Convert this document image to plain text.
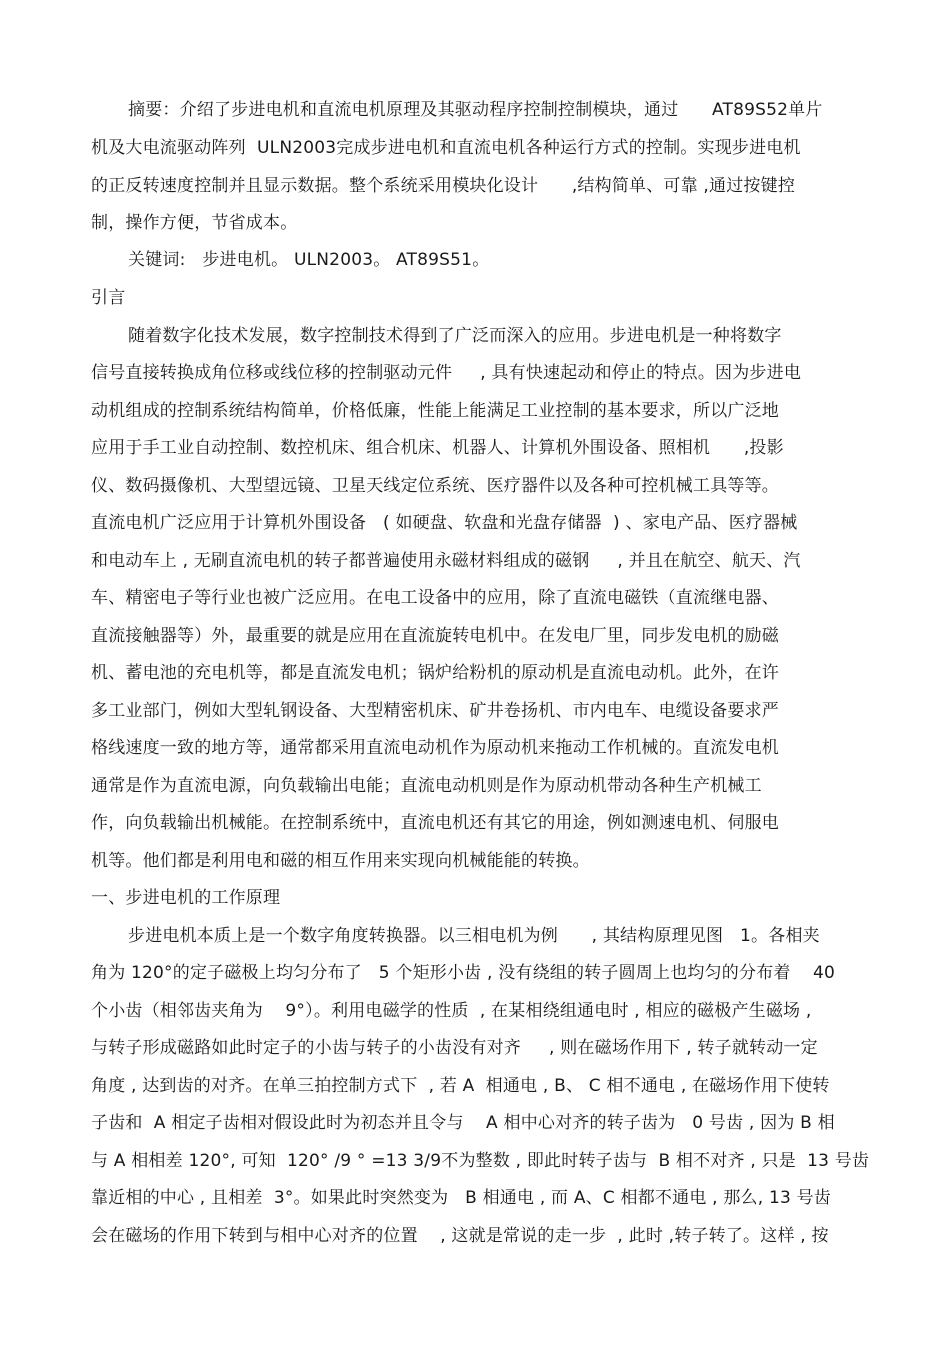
摘要：介绍了步进电机和直流电机原理及其驱动程序控制控制模块，通过      AT89S52单片
机及大电流驱动阵列  ULN2003完成步进电机和直流电机各种运行方式的控制。实现步进电机
的正反转速度控制并且显示数据。整个系统采用模块化设计      ,结构简单、可靠 ,通过按键控
制，操作方便，节省成本。
关键词:   步进电机。 ULN2003。 AT89S51。
引言
随着数字化技术发展，数字控制技术得到了广泛而深入的应用。步进电机是一种将数字
信号直接转换成角位移或线位移的控制驱动元件     , 具有快速起动和停止的特点。因为步进电
动机组成的控制系统结构简单，价格低廉，性能上能满足工业控制的基本要求，所以广泛地
应用于手工业自动控制、数控机床、组合机床、机器人、计算机外围设备、照相机      ,投影
仪、数码摄像机、大型望远镜、卫星天线定位系统、医疗器件以及各种可控机械工具等等。
直流电机广泛应用于计算机外围设备   ( 如硬盘、软盘和光盘存储器  ) 、家电产品、医疗器械
和电动车上 , 无刷直流电机的转子都普遍使用永磁材料组成的磁钢     , 并且在航空、航天、汽
车、精密电子等行业也被广泛应用。在电工设备中的应用，除了直流电磁铁（直流继电器、
直流接触器等）外，最重要的就是应用在直流旋转电机中。在发电厂里，同步发电机的励磁
机、蓄电池的充电机等，都是直流发电机；锅炉给粉机的原动机是直流电动机。此外，在许
多工业部门，例如大型轧钢设备、大型精密机床、矿井卷扬机、市内电车、电缆设备要求严
格线速度一致的地方等，通常都采用直流电动机作为原动机来拖动工作机械的。直流发电机
通常是作为直流电源，向负载输出电能；直流电动机则是作为原动机带动各种生产机械工
作，向负载输出机械能。在控制系统中，直流电机还有其它的用途，例如测速电机、伺服电
机等。他们都是利用电和磁的相互作用来实现向机械能能的转换。
一、步进电机的工作原理
步进电机本质上是一个数字角度转换器。以三相电机为例      , 其结构原理见图   1。各相夹
角为 120°的定子磁极上均匀分布了   5 个矩形小齿 , 没有绕组的转子圆周上也均匀的分布着    40
个小齿（相邻齿夹角为    9°）。利用电磁学的性质  , 在某相绕组通电时 , 相应的磁极产生磁场 ,
与转子形成磁路如此时定子的小齿与转子的小齿没有对齐     , 则在磁场作用下 , 转子就转动一定
角度 , 达到齿的对齐。在单三拍控制方式下  , 若 A  相通电 , B、 C 相不通电 , 在磁场作用下使转
子齿和  A 相定子齿相对假设此时为初态并且令与    A 相中心对齐的转子齿为   0 号齿 , 因为 B 相
与 A 相相差 120°, 可知  120° /9 ° =13 3/9不为整数 , 即此时转子齿与  B 相不对齐 , 只是  13 号齿
靠近相的中心 , 且相差  3°。如果此时突然变为   B 相通电 , 而 A、C 相都不通电 , 那么, 13 号齿
会在磁场的作用下转到与相中心对齐的位置    , 这就是常说的走一步  , 此时 ,转子转了。这样 , 按
